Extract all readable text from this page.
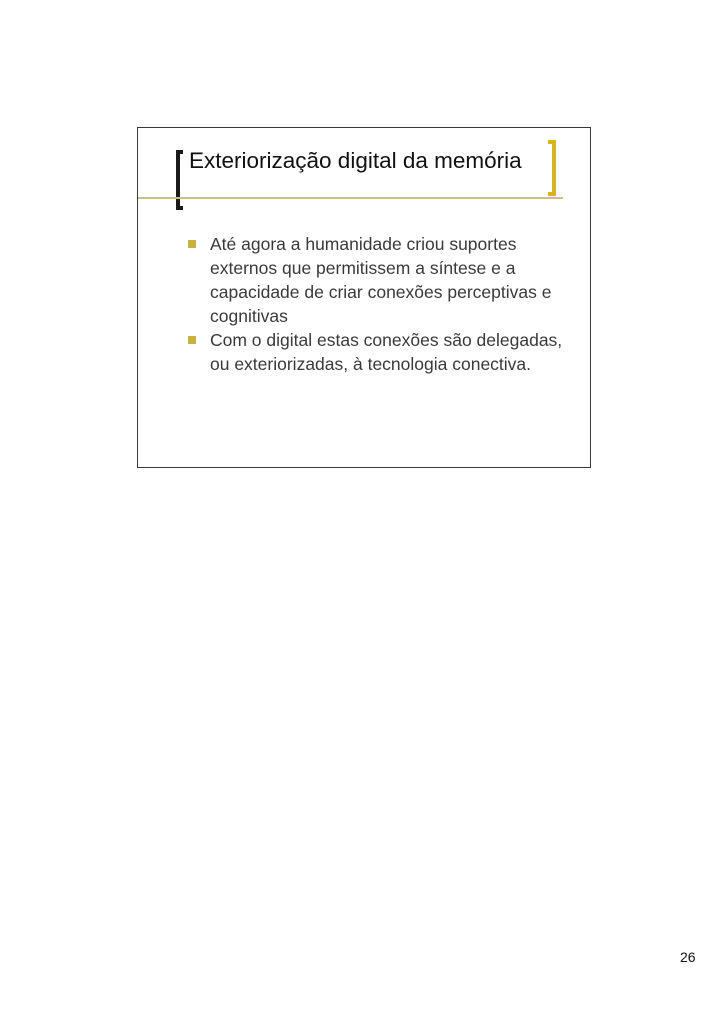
Exteriorização digital da memória
Até agora a humanidade criou suportes externos que permitissem a síntese e a capacidade de criar conexões perceptivas e cognitivas
Com o digital estas conexões são delegadas, ou exteriorizadas, à tecnologia conectiva.
26
